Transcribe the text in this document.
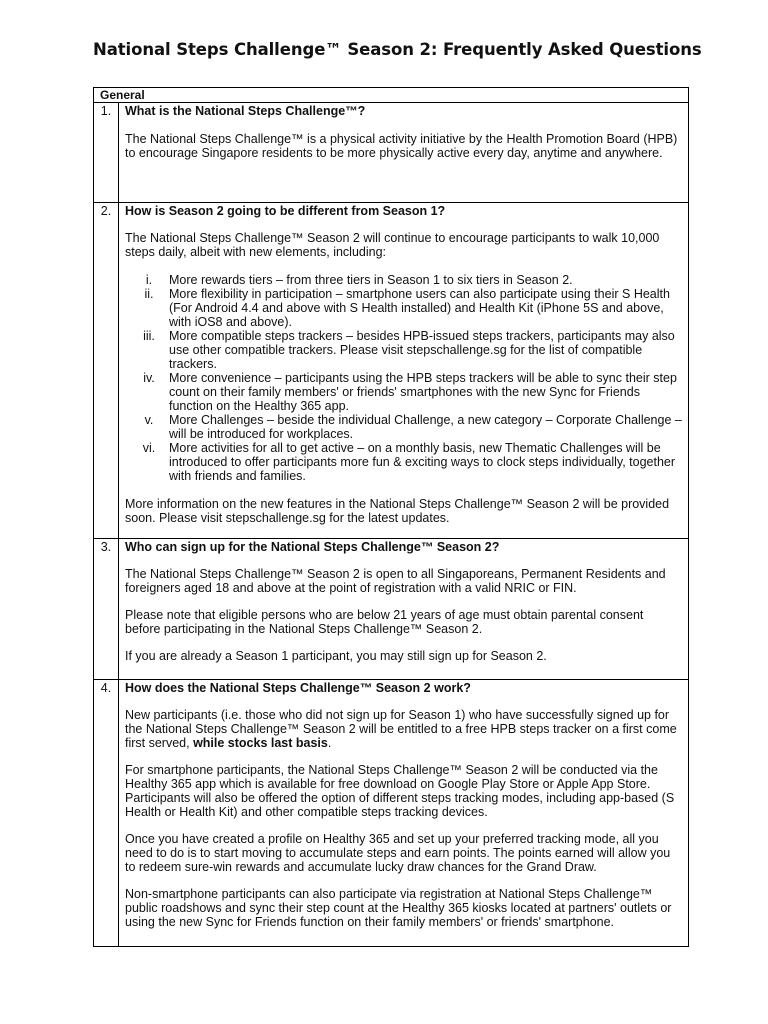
National Steps Challenge™ Season 2: Frequently Asked Questions
General
1.	What is the National Steps Challenge™?

The National Steps Challenge™ is a physical activity initiative by the Health Promotion Board (HPB) to encourage Singapore residents to be more physically active every day, anytime and anywhere.

2.	How is Season 2 going to be different from Season 1?

The National Steps Challenge™ Season 2 will continue to encourage participants to walk 10,000 steps daily, albeit with new elements, including:

i.	More rewards tiers – from three tiers in Season 1 to six tiers in Season 2.
ii.	More flexibility in participation – smartphone users can also participate using their S Health (For Android 4.4 and above with S Health installed) and Health Kit (iPhone 5S and above, with iOS8 and above).
iii.	More compatible steps trackers – besides HPB-issued steps trackers, participants may also use other compatible trackers. Please visit stepschallenge.sg for the list of compatible trackers.
iv.	More convenience – participants using the HPB steps trackers will be able to sync their step count on their family members' or friends' smartphones with the new Sync for Friends function on the Healthy 365 app.
v.	More Challenges – beside the individual Challenge, a new category – Corporate Challenge – will be introduced for workplaces.
vi.	More activities for all to get active – on a monthly basis, new Thematic Challenges will be introduced to offer participants more fun & exciting ways to clock steps individually, together with friends and families.

More information on the new features in the National Steps Challenge™ Season 2 will be provided soon. Please visit stepschallenge.sg for the latest updates.

3.	Who can sign up for the National Steps Challenge™ Season 2?

The National Steps Challenge™ Season 2 is open to all Singaporeans, Permanent Residents and foreigners aged 18 and above at the point of registration with a valid NRIC or FIN.

Please note that eligible persons who are below 21 years of age must obtain parental consent before participating in the National Steps Challenge™ Season 2.

If you are already a Season 1 participant, you may still sign up for Season 2.

4.	How does the National Steps Challenge™ Season 2 work?

New participants (i.e. those who did not sign up for Season 1) who have successfully signed up for the National Steps Challenge™ Season 2 will be entitled to a free HPB steps tracker on a first come first served, while stocks last basis.

For smartphone participants, the National Steps Challenge™ Season 2 will be conducted via the Healthy 365 app which is available for free download on Google Play Store or Apple App Store. Participants will also be offered the option of different steps tracking modes, including app-based (S Health or Health Kit) and other compatible steps tracking devices.

Once you have created a profile on Healthy 365 and set up your preferred tracking mode, all you need to do is to start moving to accumulate steps and earn points. The points earned will allow you to redeem sure-win rewards and accumulate lucky draw chances for the Grand Draw.

Non-smartphone participants can also participate via registration at National Steps Challenge™ public roadshows and sync their step count at the Healthy 365 kiosks located at partners' outlets or using the new Sync for Friends function on their family members' or friends' smartphone.
